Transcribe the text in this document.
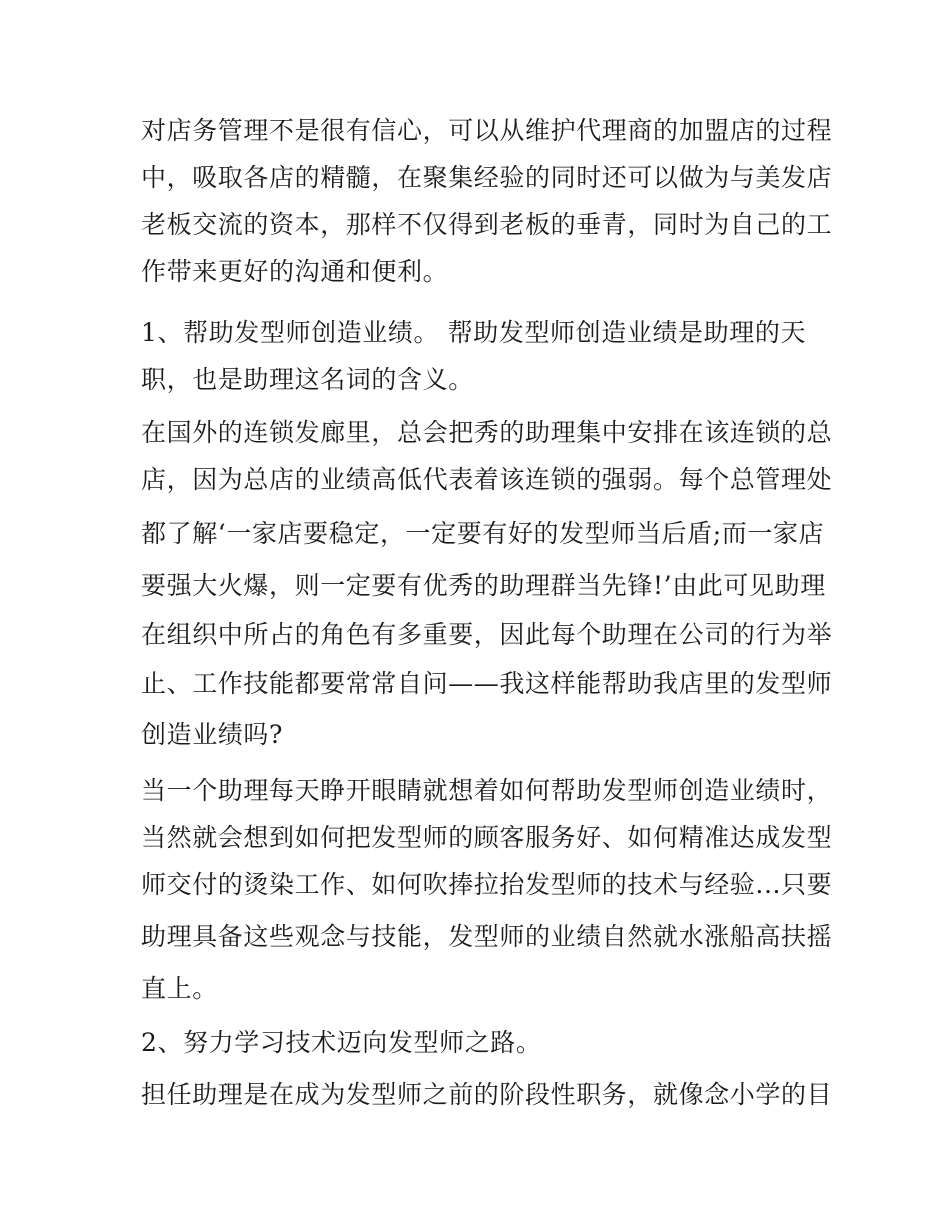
对店务管理不是很有信心，可以从维护代理商的加盟店的过程
中，吸取各店的精髓，在聚集经验的同时还可以做为与美发店
老板交流的资本，那样不仅得到老板的垂青，同时为自己的工
作带来更好的沟通和便利。
1、帮助发型师创造业绩。 帮助发型师创造业绩是助理的天
职，也是助理这名词的含义。
在国外的连锁发廊里，总会把秀的助理集中安排在该连锁的总
店，因为总店的业绩高低代表着该连锁的强弱。每个总管理处
都了解‘一家店要稳定，一定要有好的发型师当后盾;而一家店
要强大火爆，则一定要有优秀的助理群当先锋!’由此可见助理
在组织中所占的角色有多重要，因此每个助理在公司的行为举
止、工作技能都要常常自问——我这样能帮助我店里的发型师
创造业绩吗?
当一个助理每天睁开眼睛就想着如何帮助发型师创造业绩时，
当然就会想到如何把发型师的顾客服务好、如何精准达成发型
师交付的烫染工作、如何吹捧拉抬发型师的技术与经验...只要
助理具备这些观念与技能，发型师的业绩自然就水涨船高扶摇
直上。
2、努力学习技术迈向发型师之路。
担任助理是在成为发型师之前的阶段性职务，就像念小学的目
